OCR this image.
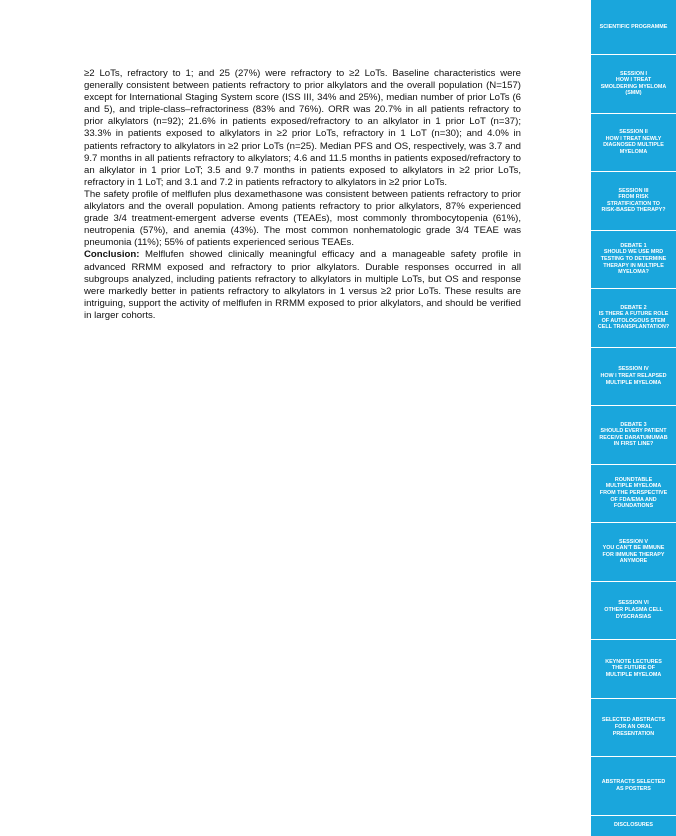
≥2 LoTs, refractory to 1; and 25 (27%) were refractory to ≥2 LoTs. Baseline characteristics were generally consistent between patients refractory to prior alkylators and the overall population (N=157) except for International Staging System score (ISS III, 34% and 25%), median number of prior LoTs (6 and 5), and triple-class–refractoriness (83% and 76%). ORR was 20.7% in all patients refractory to prior alkylators (n=92); 21.6% in patients exposed/refractory to an alkylator in 1 prior LoT (n=37); 33.3% in patients exposed to alkylators in ≥2 prior LoTs, refractory in 1 LoT (n=30); and 4.0% in patients refractory to alkylators in ≥2 prior LoTs (n=25). Median PFS and OS, respectively, was 3.7 and 9.7 months in all patients refractory to alkylators; 4.6 and 11.5 months in patients exposed/refractory to an alkylator in 1 prior LoT; 3.5 and 9.7 months in patients exposed to alkylators in ≥2 prior LoTs, refractory in 1 LoT; and 3.1 and 7.2 in patients refractory to alkylators in ≥2 prior LoTs.

The safety profile of melflufen plus dexamethasone was consistent between patients refractory to prior alkylators and the overall population. Among patients refractory to prior alkylators, 87% experienced grade 3/4 treatment-emergent adverse events (TEAEs), most commonly thrombocytopenia (61%), neutropenia (57%), and anemia (43%). The most common nonhematologic grade 3/4 TEAE was pneumonia (11%); 55% of patients experienced serious TEAEs.

Conclusion: Melflufen showed clinically meaningful efficacy and a manageable safety profile in advanced RRMM exposed and refractory to prior alkylators. Durable responses occurred in all subgroups analyzed, including patients refractory to alkylators in multiple LoTs, but OS and response were markedly better in patients refractory to alkylators in 1 versus ≥2 prior LoTs. These results are intriguing, support the activity of melflufen in RRMM exposed to prior alkylators, and should be verified in larger cohorts.

SCIENTIFIC PROGRAMME
SESSION I
HOW I TREAT
SMOLDERING MYELOMA
(SMM)
SESSION II
HOW I TREAT NEWLY
DIAGNOSED MULTIPLE
MYELOMA
SESSION III
FROM RISK
STRATIFICATION TO
RISK-BASED THERAPY?
DEBATE 1
SHOULD WE USE MRD
TESTING TO DETERMINE
THERAPY IN MULTIPLE
MYELOMA?
DEBATE 2
IS THERE A FUTURE ROLE
OF AUTOLOGOUS STEM
CELL TRANSPLANTATION?
SESSION IV
HOW I TREAT RELAPSED
MULTIPLE MYELOMA
DEBATE 3
SHOULD EVERY PATIENT
RECEIVE DARATUMUMAB
IN FIRST LINE?
ROUNDTABLE
MULTIPLE MYELOMA
FROM THE PERSPECTIVE
OF FDA/EMA AND
FOUNDATIONS
SESSION V
YOU CAN'T BE IMMUNE
FOR IMMUNE THERAPY
ANYMORE
SESSION VI
OTHER PLASMA CELL
DYSCRASIAS
KEYNOTE LECTURES
THE FUTURE OF
MULTIPLE MYELOMA
SELECTED ABSTRACTS
FOR AN ORAL
PRESENTATION
ABSTRACTS SELECTED
AS POSTERS
DISCLOSURES
